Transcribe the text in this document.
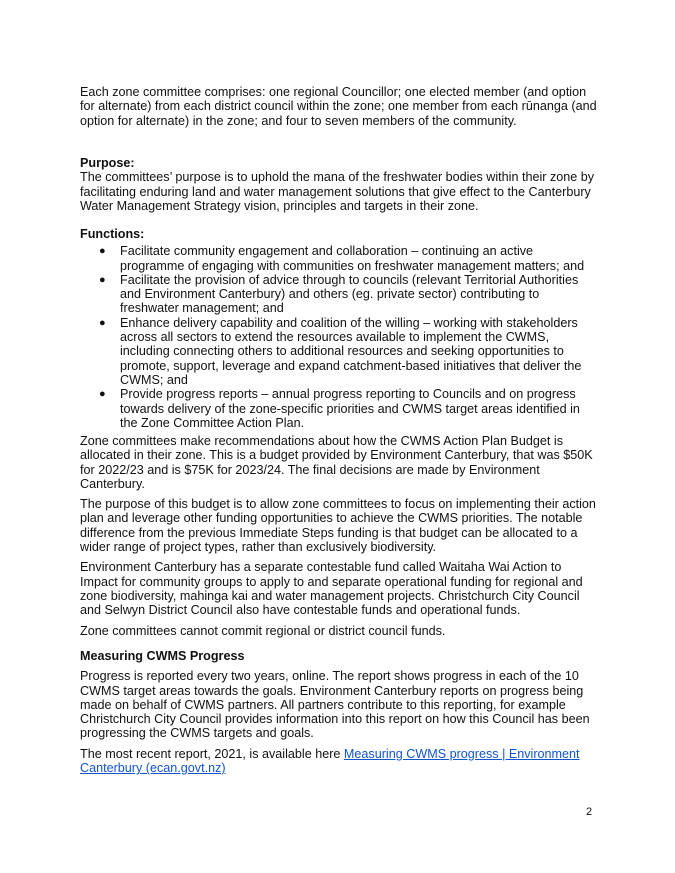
Each zone committee comprises: one regional Councillor; one elected member (and option for alternate) from each district council within the zone; one member from each rūnanga (and option for alternate) in the zone; and four to seven members of the community.

Purpose:

The committees’ purpose is to uphold the mana of the freshwater bodies within their zone by facilitating enduring land and water management solutions that give effect to the Canterbury Water Management Strategy vision, principles and targets in their zone.

Functions:

● Facilitate community engagement and collaboration – continuing an active programme of engaging with communities on freshwater management matters; and
● Facilitate the provision of advice through to councils (relevant Territorial Authorities and Environment Canterbury) and others (eg. private sector) contributing to freshwater management; and
● Enhance delivery capability and coalition of the willing – working with stakeholders across all sectors to extend the resources available to implement the CWMS, including connecting others to additional resources and seeking opportunities to promote, support, leverage and expand catchment-based initiatives that deliver the CWMS; and
● Provide progress reports – annual progress reporting to Councils and on progress towards delivery of the zone-specific priorities and CWMS target areas identified in the Zone Committee Action Plan.

Zone committees make recommendations about how the CWMS Action Plan Budget is allocated in their zone. This is a budget provided by Environment Canterbury, that was $50K for 2022/23 and is $75K for 2023/24. The final decisions are made by Environment Canterbury.

The purpose of this budget is to allow zone committees to focus on implementing their action plan and leverage other funding opportunities to achieve the CWMS priorities. The notable difference from the previous Immediate Steps funding is that budget can be allocated to a wider range of project types, rather than exclusively biodiversity.

Environment Canterbury has a separate contestable fund called Waitaha Wai Action to Impact for community groups to apply to and separate operational funding for regional and zone biodiversity, mahinga kai and water management projects. Christchurch City Council and Selwyn District Council also have contestable funds and operational funds.

Zone committees cannot commit regional or district council funds.

Measuring CWMS Progress

Progress is reported every two years, online. The report shows progress in each of the 10 CWMS target areas towards the goals. Environment Canterbury reports on progress being made on behalf of CWMS partners. All partners contribute to this reporting, for example Christchurch City Council provides information into this report on how this Council has been progressing the CWMS targets and goals.

The most recent report, 2021, is available here Measuring CWMS progress | Environment Canterbury (ecan.govt.nz)

2
